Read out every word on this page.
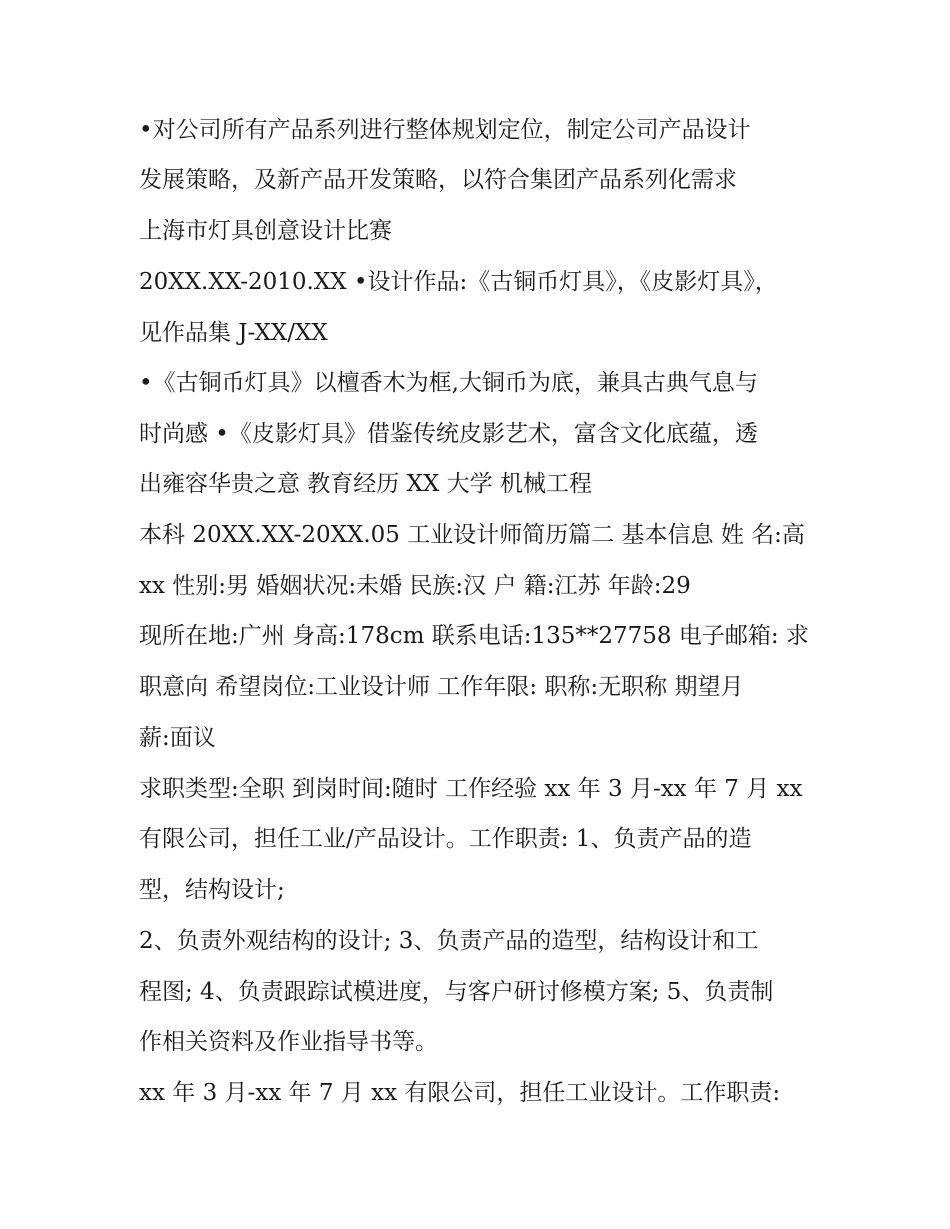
•对公司所有产品系列进行整体规划定位，制定公司产品设计
发展策略，及新产品开发策略，以符合集团产品系列化需求
上海市灯具创意设计比赛
20XX.XX-2010.XX •设计作品:《古铜币灯具》，《皮影灯具》，
见作品集 J-XX/XX
•《古铜币灯具》以檀香木为框,大铜币为底，兼具古典气息与
时尚感 •《皮影灯具》借鉴传统皮影艺术，富含文化底蕴，透
出雍容华贵之意 教育经历 XX 大学 机械工程
本科 20XX.XX-20XX.05 工业设计师简历篇二 基本信息 姓 名:高
xx 性别:男 婚姻状况:未婚 民族:汉 户 籍:江苏 年龄:29
现所在地:广州 身高:178cm 联系电话:135**27758 电子邮箱: 求
职意向 希望岗位:工业设计师 工作年限: 职称:无职称 期望月
薪:面议
求职类型:全职 到岗时间:随时 工作经验 xx 年 3 月-xx 年 7 月 xx
有限公司，担任工业/产品设计。工作职责: 1、负责产品的造
型，结构设计;
2、负责外观结构的设计; 3、负责产品的造型，结构设计和工
程图; 4、负责跟踪试模进度，与客户研讨修模方案; 5、负责制
作相关资料及作业指导书等。
xx 年 3 月-xx 年 7 月 xx 有限公司，担任工业设计。工作职责:
